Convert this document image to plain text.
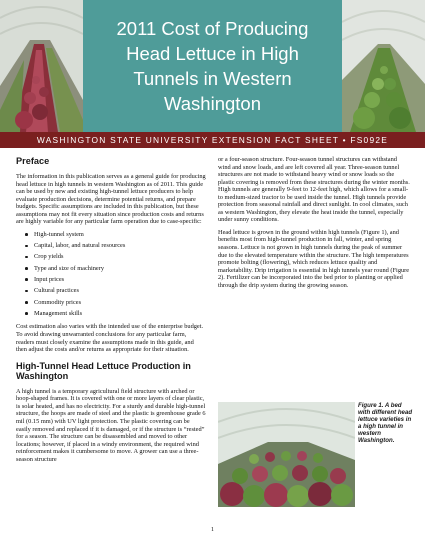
2011 Cost of Producing Head Lettuce in High Tunnels in Western Washington
WASHINGTON STATE UNIVERSITY EXTENSION FACT SHEET • FS092E
Preface

The information in this publication serves as a general guide for producing head lettuce in high tunnels in western Washington as of 2011. This guide can be used by new and existing high-tunnel lettuce producers to help evaluate production decisions, determine potential returns, and prepare budgets. Specific assumptions are included in this publication, but these assumptions may not fit every situation since production costs and returns are highly variable for any particular farm operation due to case-specific:

High-tunnel system
Capital, labor, and natural resources
Crop yields
Type and size of machinery
Input prices
Cultural practices
Commodity prices
Management skills

Cost estimation also varies with the intended use of the enterprise budget. To avoid drawing unwarranted conclusions for any particular farm, readers must closely examine the assumptions made in this guide, and then adjust the costs and/or returns as appropriate for their situation.

High-Tunnel Head Lettuce Production in Washington

A high tunnel is a temporary agricultural field structure with arched or hoop-shaped frames. It is covered with one or more layers of clear plastic, is solar heated, and has no electricity. For a sturdy and durable high-tunnel structure, the hoops are made of steel and the plastic is greenhouse grade 6 mil (0.15 mm) with UV light protection. The plastic covering can be easily removed and replaced if it is damaged, or if the structure is “rested” for a season. The structure can be disassembled and moved to other locations; however, if placed in a windy environment, the required wind reinforcement makes it cumbersome to move. A grower can use a three-season structure

or a four-season structure. Four-season tunnel structures can withstand wind and snow loads, and are left covered all year. Three-season tunnel structures are not made to withstand heavy wind or snow loads so the plastic covering is removed from these structures during the winter months. High tunnels are generally 9-feet to 12-feet high, which allows for a small- to medium-sized tractor to be used inside the tunnel. High tunnels provide protection from seasonal rainfall and direct sunlight. In cool climates, such as western Washington, they elevate the heat inside the tunnel, especially under sunny conditions.

Head lettuce is grown in the ground within high tunnels (Figure 1), and benefits most from high-tunnel production in fall, winter, and spring seasons. Lettuce is not grown in high tunnels during the peak of summer due to the elevated temperature within the structure. The high temperatures promote bolting (flowering), which reduces lettuce quality and marketability. Drip irrigation is essential in high tunnels year round (Figure 2). Fertilizer can be incorporated into the bed prior to planting or applied through the drip system during the growing season.

Figure 1. A bed with different head lettuce varieties in a high tunnel in western Washington.

1
